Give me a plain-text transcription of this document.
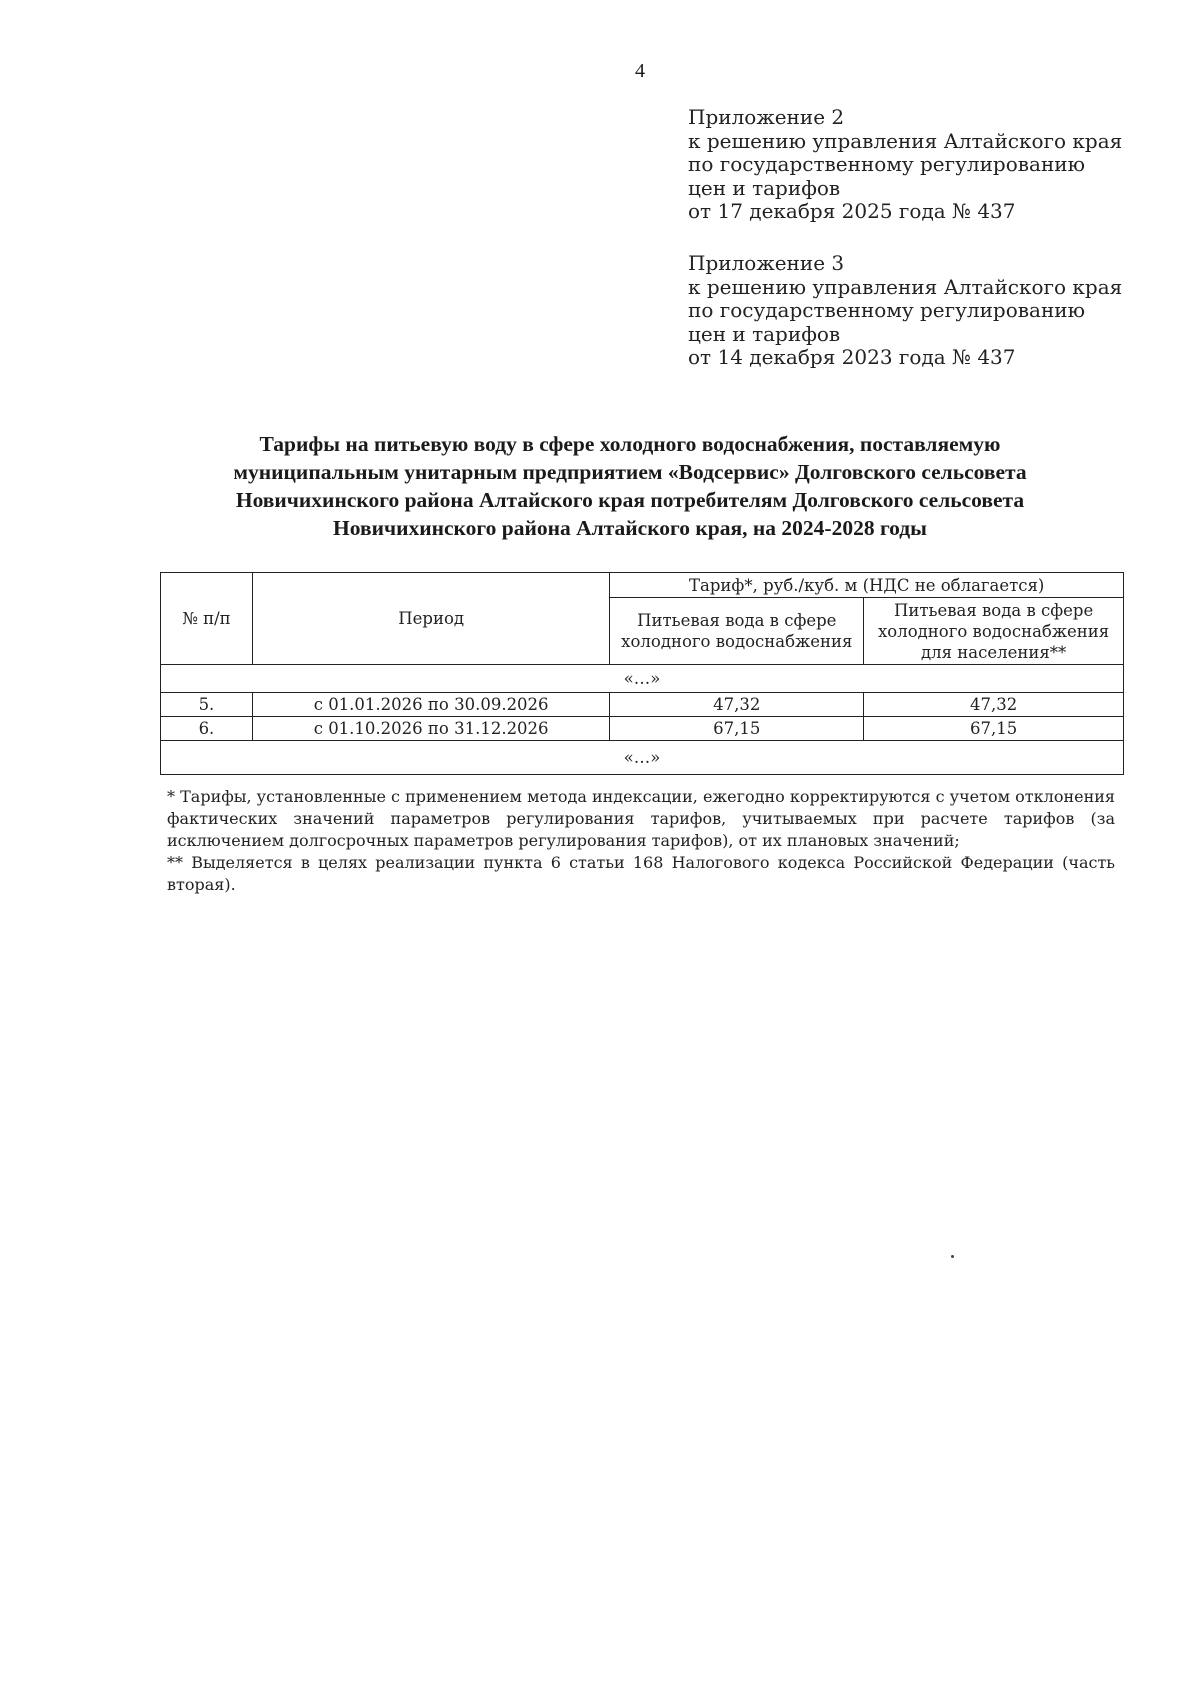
4
Приложение 2
к решению управления Алтайского края
по государственному регулированию
цен и тарифов
от 17 декабря 2025 года № 437
Приложение 3
к решению управления Алтайского края
по государственному регулированию
цен и тарифов
от 14 декабря 2023 года № 437
Тарифы на питьевую воду в сфере холодного водоснабжения, поставляемую
муниципальным унитарным предприятием «Водсервис» Долговского сельсовета
Новичихинского района Алтайского края потребителям Долговского сельсовета
Новичихинского района Алтайского края, на 2024-2028 годы
№ п/п	Период	Тариф*, руб./куб. м (НДС не облагается)	
		Питьевая вода в сфере холодного водоснабжения	Питьевая вода в сфере холодного водоснабжения для населения**
«…»			
5.	с 01.01.2026 по 30.09.2026	47,32	47,32
6.	с 01.10.2026 по 31.12.2026	67,15	67,15
«…»			

* Тарифы, установленные с применением метода индексации, ежегодно корректируются с учетом отклонения фактических значений параметров регулирования тарифов, учитываемых при расчете тарифов (за исключением долгосрочных параметров регулирования тарифов), от их плановых значений;

** Выделяется в целях реализации пункта 6 статьи 168 Налогового кодекса Российской Федерации (часть вторая).
